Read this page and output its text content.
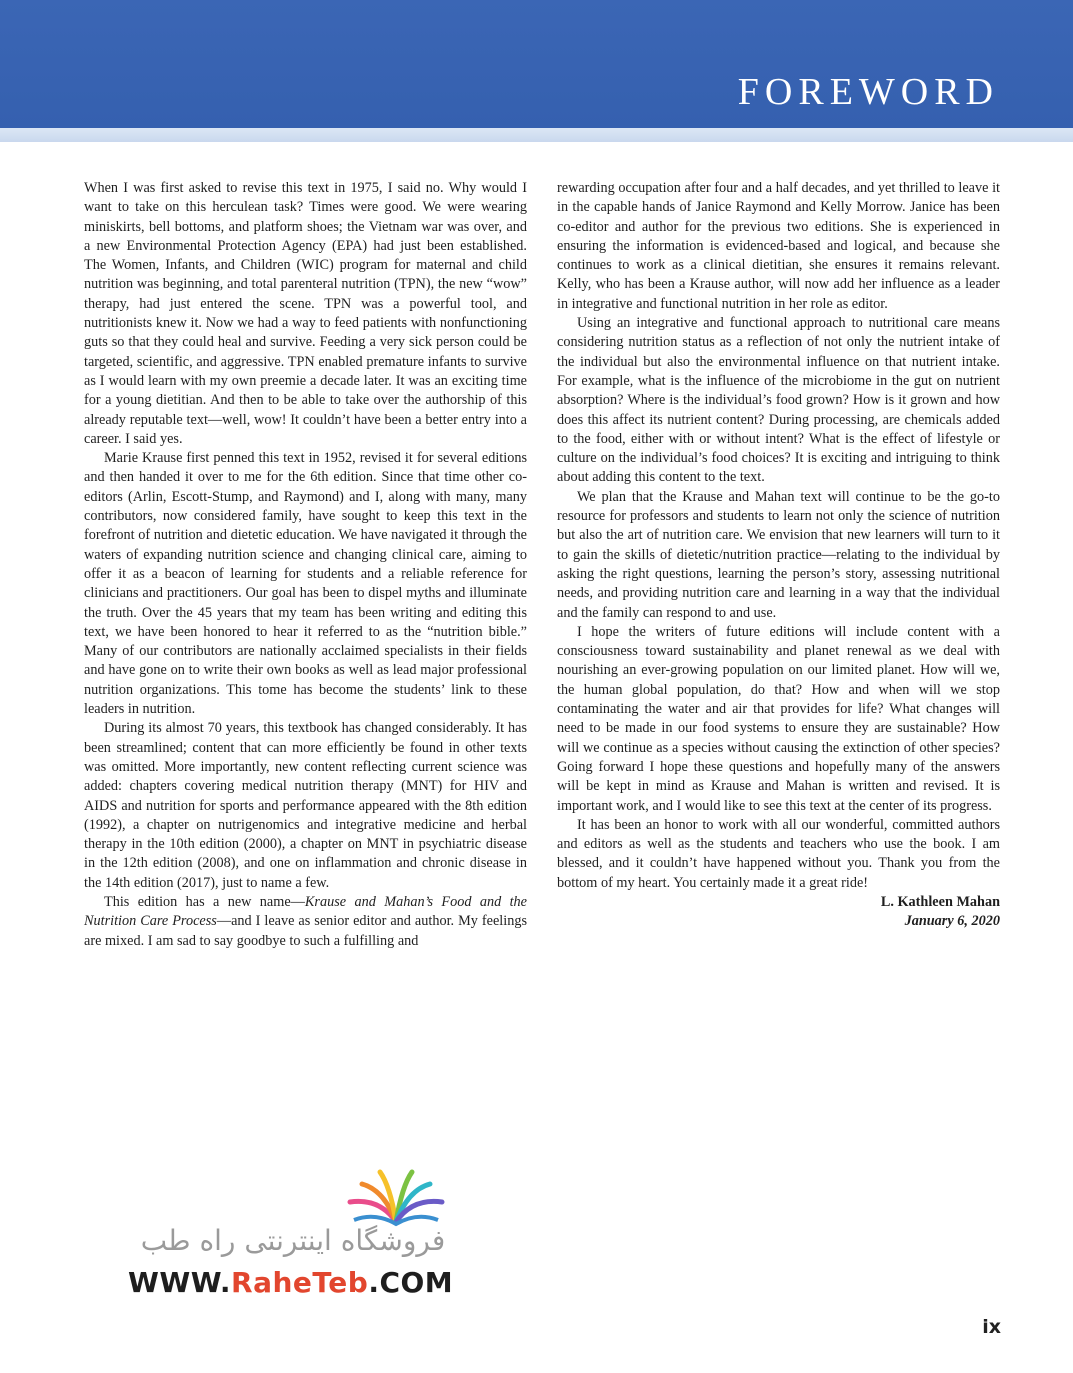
FOREWORD

When I was first asked to revise this text in 1975, I said no. Why would I want to take on this herculean task? Times were good. We were wearing miniskirts, bell bottoms, and platform shoes; the Vietnam war was over, and a new Environmental Protection Agency (EPA) had just been established. The Women, Infants, and Children (WIC) program for maternal and child nutrition was beginning, and total parenteral nutrition (TPN), the new “wow” therapy, had just entered the scene. TPN was a powerful tool, and nutritionists knew it. Now we had a way to feed patients with nonfunctioning guts so that they could heal and survive. Feeding a very sick person could be targeted, scientific, and aggressive. TPN enabled premature infants to survive as I would learn with my own preemie a decade later. It was an exciting time for a young dietitian. And then to be able to take over the authorship of this already reputable text—well, wow! It couldn’t have been a better entry into a career. I said yes.

Marie Krause first penned this text in 1952, revised it for several editions and then handed it over to me for the 6th edition. Since that time other co-editors (Arlin, Escott-Stump, and Raymond) and I, along with many, many contributors, now considered family, have sought to keep this text in the forefront of nutrition and dietetic education. We have navigated it through the waters of expanding nutrition science and changing clinical care, aiming to offer it as a beacon of learning for students and a reliable reference for clinicians and practitioners. Our goal has been to dispel myths and illuminate the truth. Over the 45 years that my team has been writing and editing this text, we have been honored to hear it referred to as the “nutrition bible.” Many of our contributors are nationally acclaimed specialists in their fields and have gone on to write their own books as well as lead major professional nutrition organizations. This tome has become the students’ link to these leaders in nutrition.

During its almost 70 years, this textbook has changed considerably. It has been streamlined; content that can more efficiently be found in other texts was omitted. More importantly, new content reflecting current science was added: chapters covering medical nutrition therapy (MNT) for HIV and AIDS and nutrition for sports and performance appeared with the 8th edition (1992), a chapter on nutrigenomics and integrative medicine and herbal therapy in the 10th edition (2000), a chapter on MNT in psychiatric disease in the 12th edition (2008), and one on inflammation and chronic disease in the 14th edition (2017), just to name a few.

This edition has a new name—Krause and Mahan’s Food and the Nutrition Care Process—and I leave as senior editor and author. My feelings are mixed. I am sad to say goodbye to such a fulfilling and

rewarding occupation after four and a half decades, and yet thrilled to leave it in the capable hands of Janice Raymond and Kelly Morrow. Janice has been co-editor and author for the previous two editions. She is experienced in ensuring the information is evidenced-based and logical, and because she continues to work as a clinical dietitian, she ensures it remains relevant. Kelly, who has been a Krause author, will now add her influence as a leader in integrative and functional nutrition in her role as editor.

Using an integrative and functional approach to nutritional care means considering nutrition status as a reflection of not only the nutrient intake of the individual but also the environmental influence on that nutrient intake. For example, what is the influence of the microbiome in the gut on nutrient absorption? Where is the individual’s food grown? How is it grown and how does this affect its nutrient content? During processing, are chemicals added to the food, either with or without intent? What is the effect of lifestyle or culture on the individual’s food choices? It is exciting and intriguing to think about adding this content to the text.

We plan that the Krause and Mahan text will continue to be the go-to resource for professors and students to learn not only the science of nutrition but also the art of nutrition care. We envision that new learners will turn to it to gain the skills of dietetic/nutrition practice—relating to the individual by asking the right questions, learning the person’s story, assessing nutritional needs, and providing nutrition care and learning in a way that the individual and the family can respond to and use.

I hope the writers of future editions will include content with a consciousness toward sustainability and planet renewal as we deal with nourishing an ever-growing population on our limited planet. How will we, the human global population, do that? How and when will we stop contaminating the water and air that provides for life? What changes will need to be made in our food systems to ensure they are sustainable? How will we continue as a species without causing the extinction of other species? Going forward I hope these questions and hopefully many of the answers will be kept in mind as Krause and Mahan is written and revised. It is important work, and I would like to see this text at the center of its progress.

It has been an honor to work with all our wonderful, committed authors and editors as well as the students and teachers who use the book. I am blessed, and it couldn’t have happened without you. Thank you from the bottom of my heart. You certainly made it a great ride!

L. Kathleen Mahan

January 6, 2020

فروشگاه اینترنتی راه طب
WWW.RaheTeb.COM
ix
